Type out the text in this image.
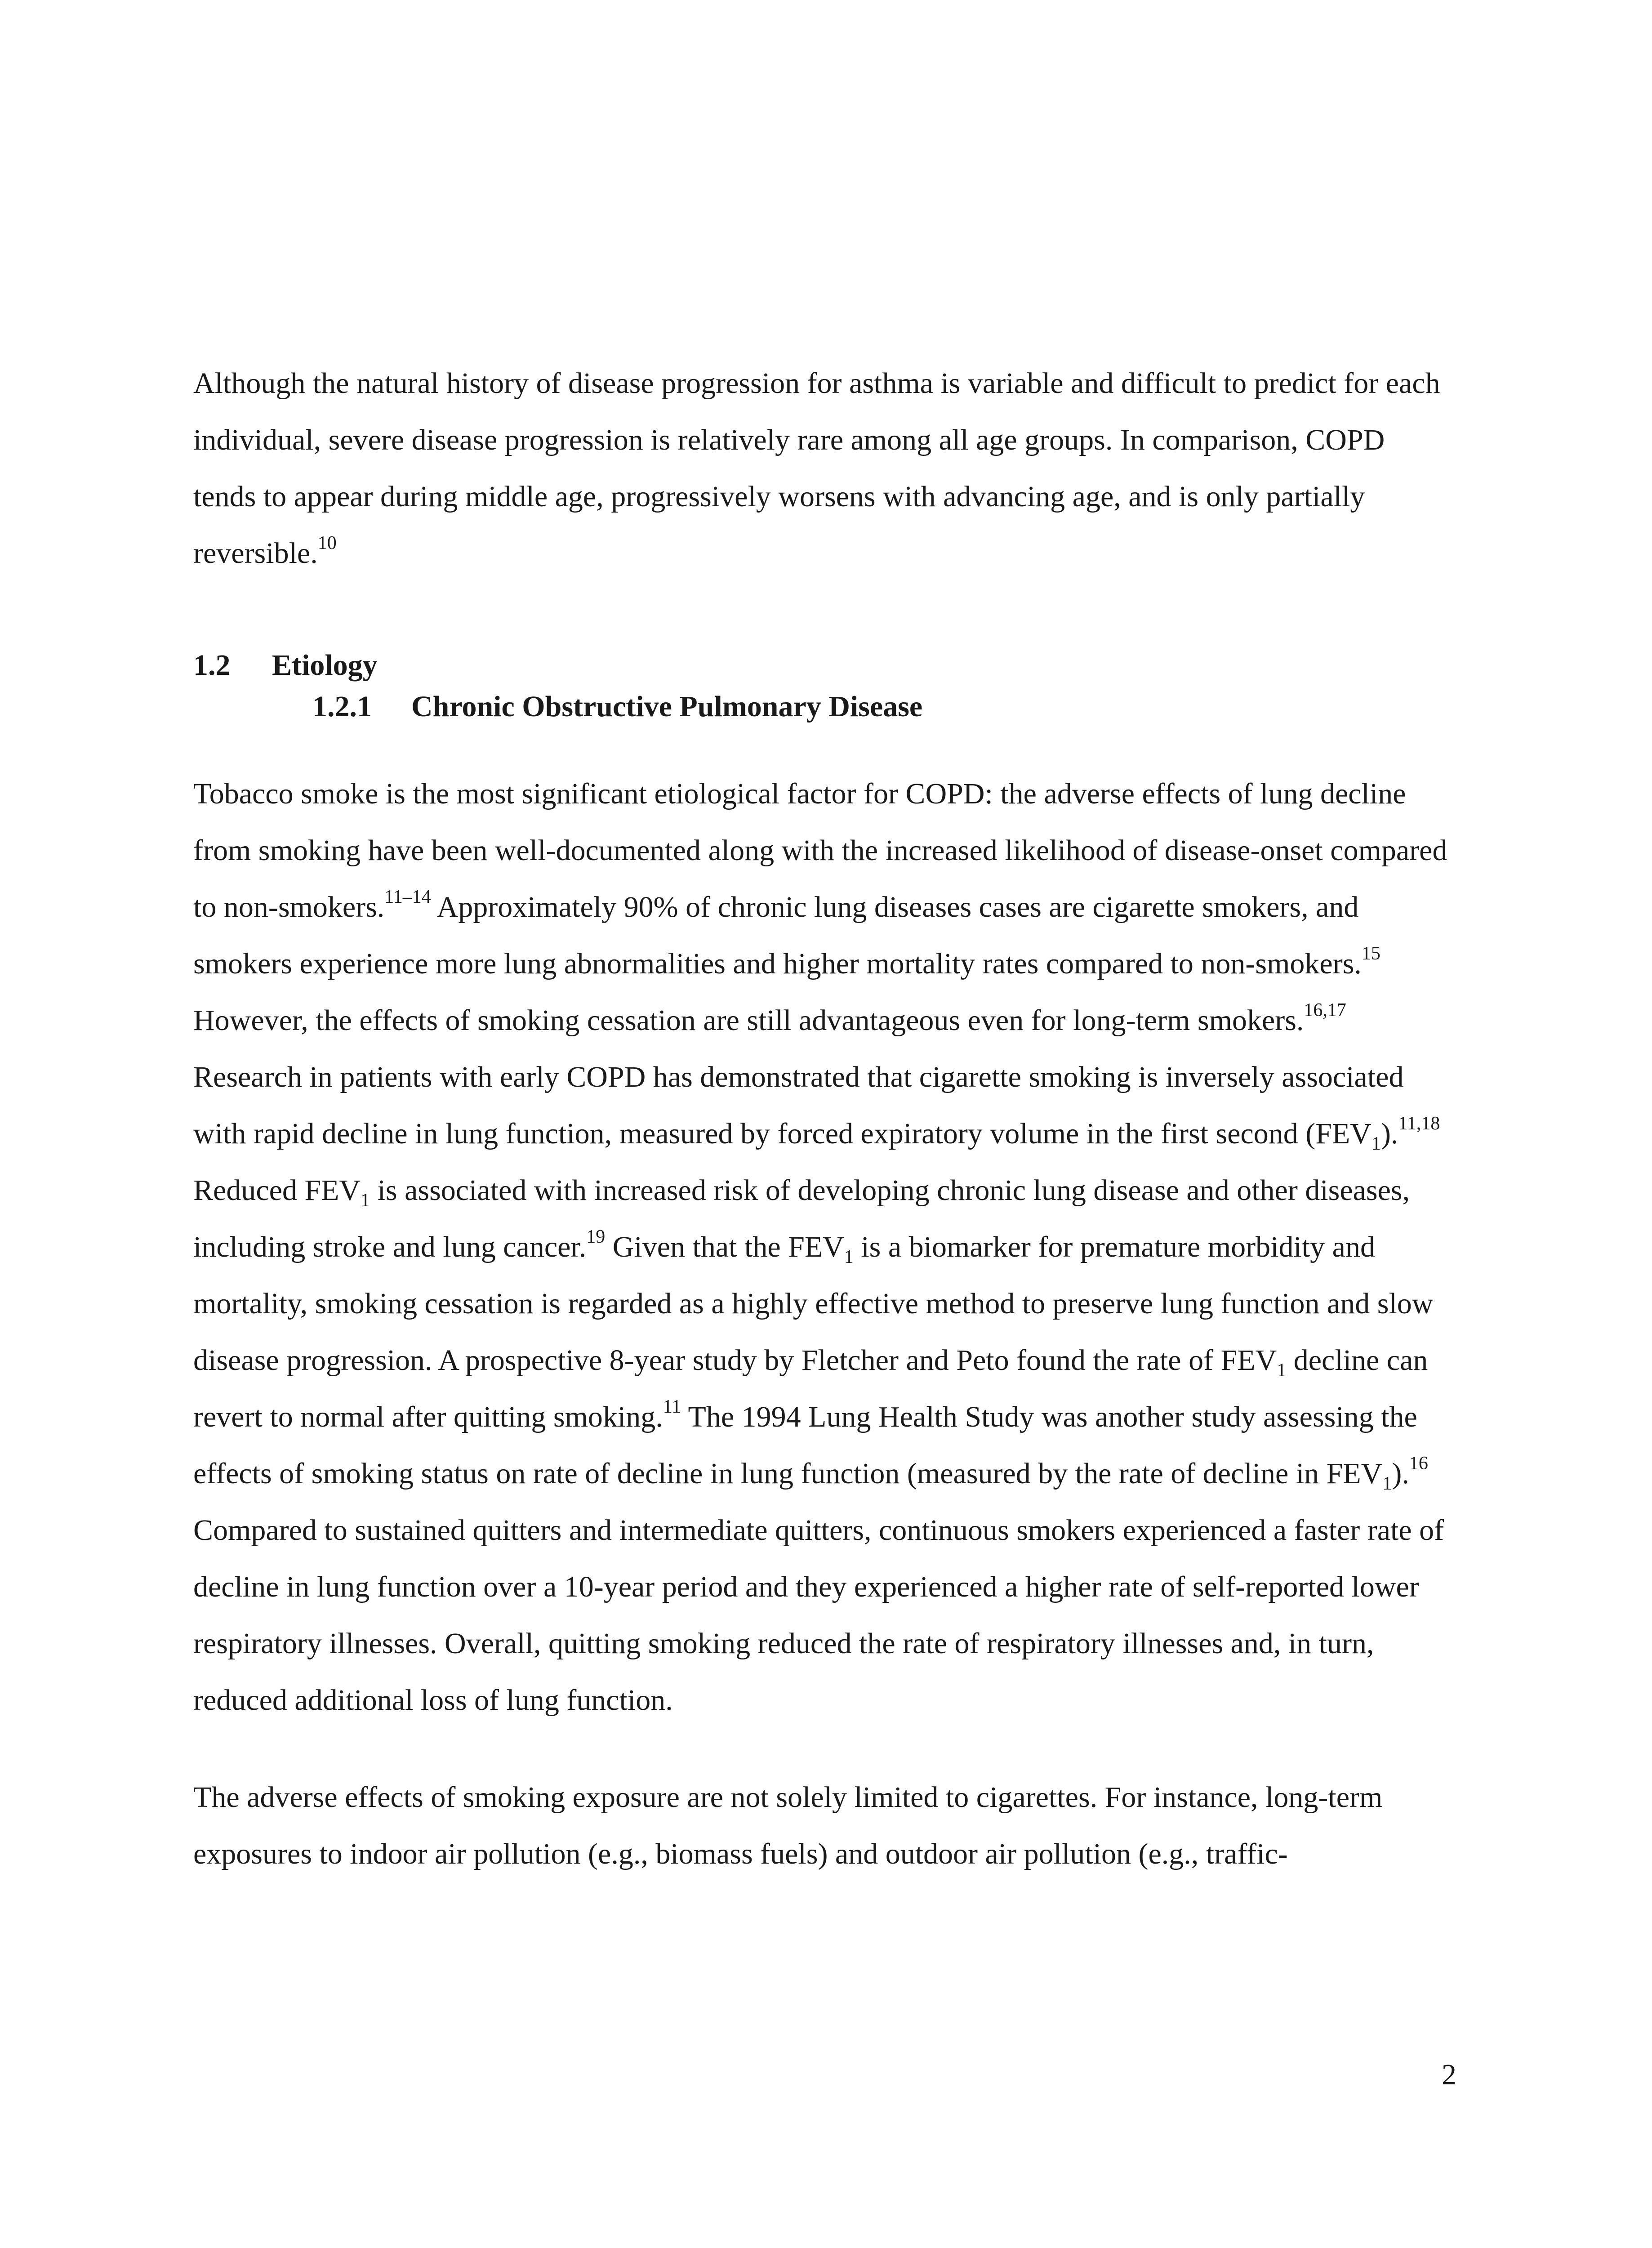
Although the natural history of disease progression for asthma is variable and difficult to predict for each individual, severe disease progression is relatively rare among all age groups. In comparison, COPD tends to appear during middle age, progressively worsens with advancing age, and is only partially reversible.$^{10}$

1.2 Etiology
1.2.1 Chronic Obstructive Pulmonary Disease

Tobacco smoke is the most significant etiological factor for COPD: the adverse effects of lung decline from smoking have been well-documented along with the increased likelihood of disease-onset compared to non-smokers.$^{11-14}$ Approximately 90% of chronic lung diseases cases are cigarette smokers, and smokers experience more lung abnormalities and higher mortality rates compared to non-smokers.$^{15}$ However, the effects of smoking cessation are still advantageous even for long-term smokers.$^{16,17}$ Research in patients with early COPD has demonstrated that cigarette smoking is inversely associated with rapid decline in lung function, measured by forced expiratory volume in the first second $(FEV_1).^{11,18}$ Reduced $FEV_1$ is associated with increased risk of developing chronic lung disease and other diseases, including stroke and lung cancer.$^{19}$ Given that the $FEV_1$ is a biomarker for premature morbidity and mortality, smoking cessation is regarded as a highly effective method to preserve lung function and slow disease progression. A prospective 8-year study by Fletcher and Peto found the rate of $FEV_1$ decline can revert to normal after quitting smoking.$^{11}$ The 1994 Lung Health Study was another study assessing the effects of smoking status on rate of decline in lung function (measured by the rate of decline in $FEV_1).^{16}$ Compared to sustained quitters and intermediate quitters, continuous smokers experienced a faster rate of decline in lung function over a 10-year period and they experienced a higher rate of self-reported lower respiratory illnesses. Overall, quitting smoking reduced the rate of respiratory illnesses and, in turn, reduced additional loss of lung function.

The adverse effects of smoking exposure are not solely limited to cigarettes. For instance, long-term exposures to indoor air pollution (e.g., biomass fuels) and outdoor air pollution (e.g., traffic-

2
